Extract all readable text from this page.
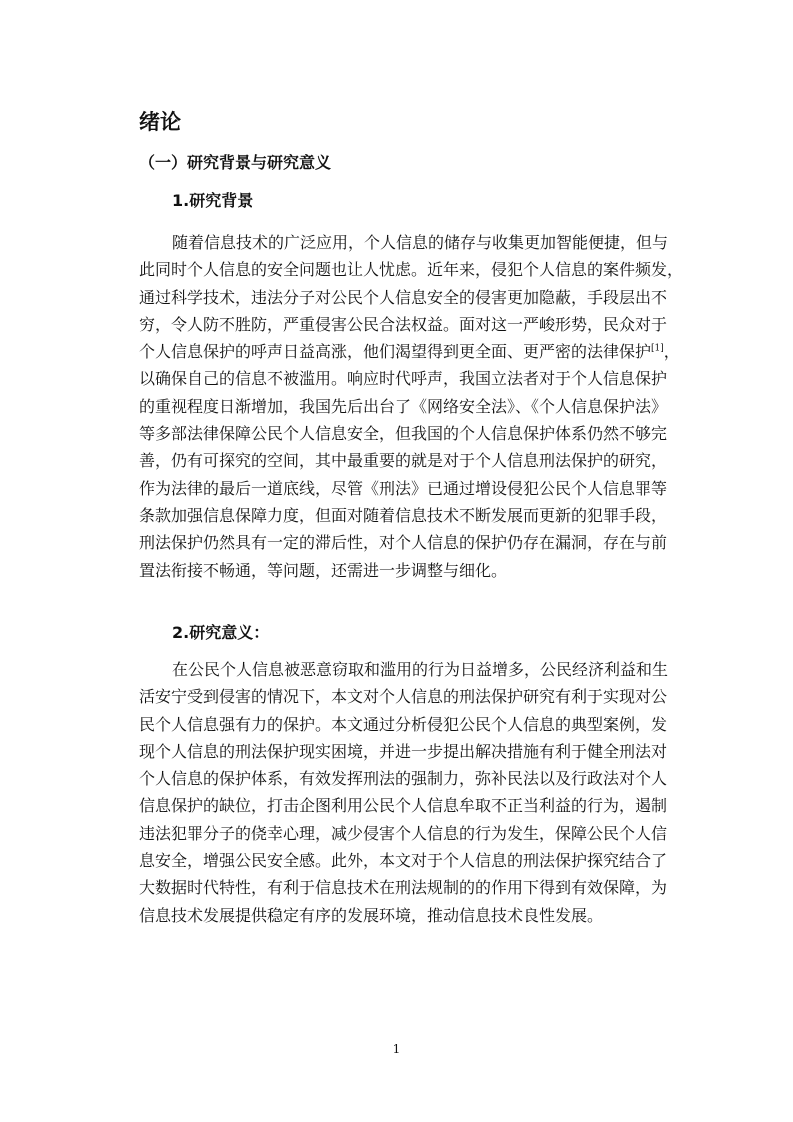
绪论
（一）研究背景与研究意义
1.研究背景
随着信息技术的广泛应用，个人信息的储存与收集更加智能便捷，但与
此同时个人信息的安全问题也让人忧虑。近年来，侵犯个人信息的案件频发，
通过科学技术，违法分子对公民个人信息安全的侵害更加隐蔽，手段层出不
穷，令人防不胜防，严重侵害公民合法权益。面对这一严峻形势，民众对于
个人信息保护的呼声日益高涨，他们渴望得到更全面、更严密的法律保护[1]，
以确保自己的信息不被滥用。响应时代呼声，我国立法者对于个人信息保护
的重视程度日渐增加，我国先后出台了《网络安全法》、《个人信息保护法》
等多部法律保障公民个人信息安全，但我国的个人信息保护体系仍然不够完
善，仍有可探究的空间，其中最重要的就是对于个人信息刑法保护的研究，
作为法律的最后一道底线，尽管《刑法》已通过增设侵犯公民个人信息罪等
条款加强信息保障力度，但面对随着信息技术不断发展而更新的犯罪手段，
刑法保护仍然具有一定的滞后性，对个人信息的保护仍存在漏洞，存在与前
置法衔接不畅通，等问题，还需进一步调整与细化。
2.研究意义：
在公民个人信息被恶意窃取和滥用的行为日益增多，公民经济利益和生
活安宁受到侵害的情况下，本文对个人信息的刑法保护研究有利于实现对公
民个人信息强有力的保护。本文通过分析侵犯公民个人信息的典型案例，发
现个人信息的刑法保护现实困境，并进一步提出解决措施有利于健全刑法对
个人信息的保护体系，有效发挥刑法的强制力，弥补民法以及行政法对个人
信息保护的缺位，打击企图利用公民个人信息牟取不正当利益的行为，遏制
违法犯罪分子的侥幸心理，减少侵害个人信息的行为发生，保障公民个人信
息安全，增强公民安全感。此外，本文对于个人信息的刑法保护探究结合了
大数据时代特性，有利于信息技术在刑法规制的的作用下得到有效保障，为
信息技术发展提供稳定有序的发展环境，推动信息技术良性发展。
1
